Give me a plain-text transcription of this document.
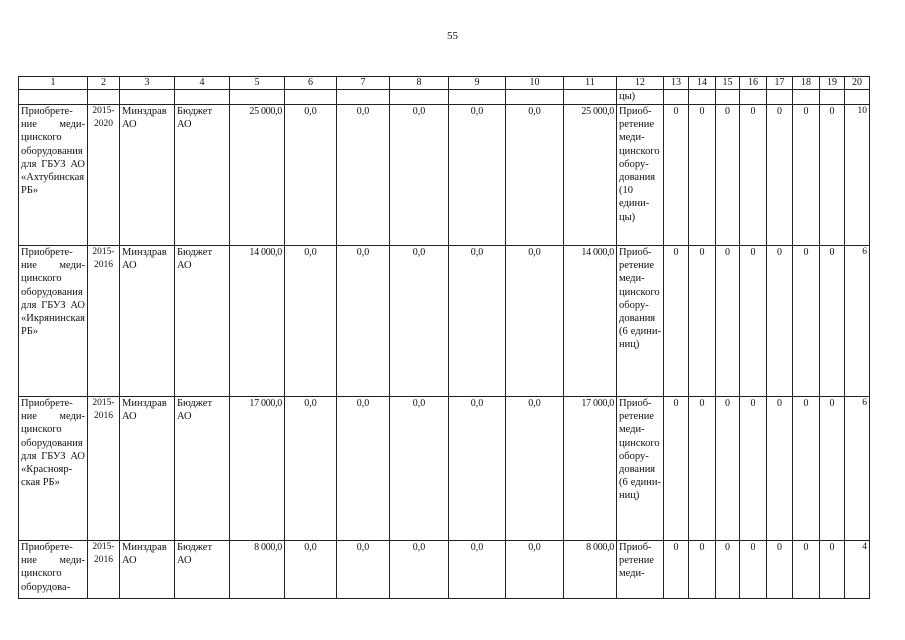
55
1	2	3	4	5	6	7	8	9	10	11	12	13	14	15	16	17	18	19	20
											цы)								
Приобретение медицинского оборудования для ГБУЗ АО «Ахтубинская РБ»	2015-2020	Минздрав АО	Бюджет АО	25 000,0	0,0	0,0	0,0	0,0	0,0	25 000,0	Приобретение медицинского оборудования (10 единицы)	0	0	0	0	0	0	0	10
Приобретение медицинского оборудования для ГБУЗ АО «Икрянинская РБ»	2015-2016	Минздрав АО	Бюджет АО	14 000,0	0,0	0,0	0,0	0,0	0,0	14 000,0	Приобретение медицинского оборудования (6 едининиц)	0	0	0	0	0	0	0	6
Приобретение медицинского оборудования для ГБУЗ АО «Красноярская РБ»	2015-2016	Минздрав АО	Бюджет АО	17 000,0	0,0	0,0	0,0	0,0	0,0	17 000,0	Приобретение медицинского оборудования (6 едининиц)	0	0	0	0	0	0	0	6
Приобретение медицинского оборудова-	2015-2016	Минздрав АО	Бюджет АО	8 000,0	0,0	0,0	0,0	0,0	0,0	8 000,0	Приобретение меди-	0	0	0	0	0	0	0	4
